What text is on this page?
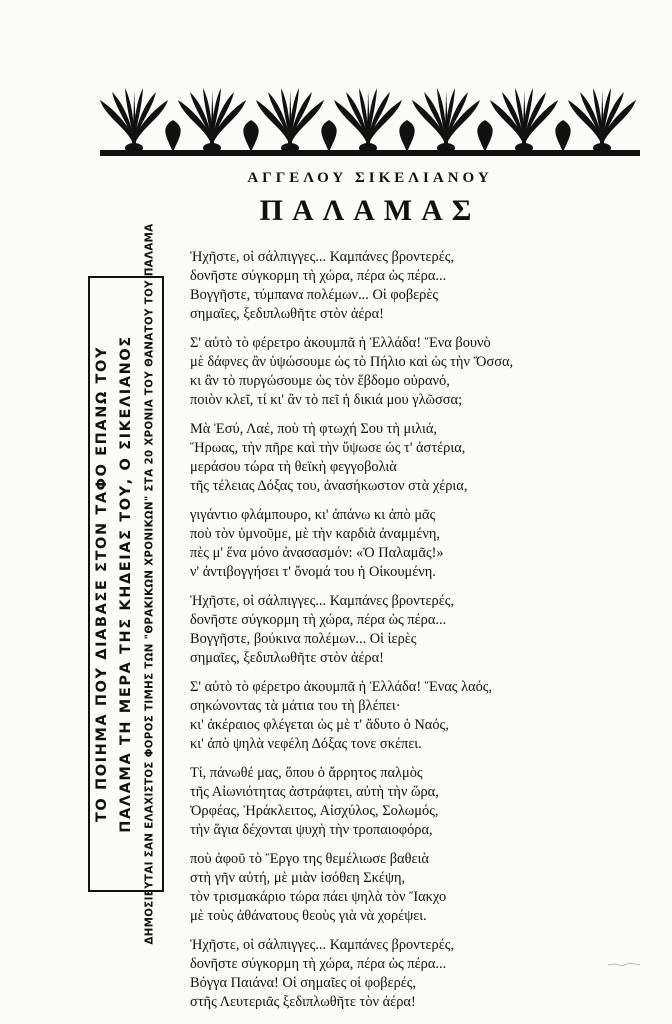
ΑΓΓΕΛΟΥ ΣΙΚΕΛΙΑΝΟΥ
ΠΑΛΑΜΑΣ
ΤΟ ΠΟΙΗΜΑ ΠΟΥ ΔΙΑΒΑΣΕ ΣΤΟΝ ΤΑΦΟ ΕΠΑΝΩ ΤΟΥ ΠΑΛΑΜΑ ΤΗ ΜΕΡΑ ΤΗΣ ΚΗΔΕΙΑΣ ΤΟΥ, Ο ΣΙΚΕΛΙΑΝΟΣ ΔΗΜΟΣΙΕΥΤΑΙ ΣΑΝ ΕΛΑΧΙΣΤΟΣ ΦΟΡΟΣ ΤΙΜΗΣ ΤΩΝ "ΘΡΑΚΙΚΩΝ ΧΡΟΝΙΚΩΝ" ΣΤΑ 20 ΧΡΟΝΙΑ ΤΟΥ ΘΑΝΑΤΟΥ ΤΟΥ ΠΑΛΑΜΑ Ἠχῆστε, οἱ σάλπιγγες... Καμπάνες βροντερές,
δονῆστε σύγκορμη τὴ χώρα, πέρα ὡς πέρα...
Βογγῆστε, τύμπανα πολέμων... Οἱ φοβερὲς
σημαῖες, ξεδιπλωθῆτε στὸν ἀέρα!
Σ' αὐτὸ τὸ φέρετρο ἀκουμπᾶ ἡ Ἑλλάδα! Ἕνα βουνὸ
μὲ δάφνες ἂν ὑψώσουμε ὡς τὸ Πήλιο καὶ ὡς τὴν Ὄσσα,
κι ἂν τὸ πυργώσουμε ὡς τὸν ἕβδομο οὐρανό,
ποιὸν κλεῖ, τί κι' ἂν τὸ πεῖ ἡ δικιά μου γλῶσσα;
Μὰ Ἐσύ, Λαέ, ποὺ τὴ φτωχή Σου τὴ μιλιά,
Ἥρωας, τὴν πῆρε καὶ τὴν ὕψωσε ὡς τ' ἀστέρια,
μεράσου τώρα τὴ θεϊκὴ φεγγοβολιὰ
τῆς τέλειας Δόξας του, ἀνασήκωστον στὰ χέρια,
γιγάντιο φλάμπουρο, κι' ἀπάνω κι ἀπὸ μᾶς
ποὺ τὸν ὑμνοῦμε, μὲ τὴν καρδιὰ ἀναμμένη,
πὲς μ' ἕνα μόνο ἀνασασμόν: «Ὁ Παλαμᾶς!»
ν' ἀντιβογγήσει τ' ὄνομά του ἡ Οἰκουμένη.
Ἠχῆστε, οἱ σάλπιγγες... Καμπάνες βροντερές,
δονῆστε σύγκορμη τὴ χώρα, πέρα ὡς πέρα...
Βογγῆστε, βούκινα πολέμων... Οἱ ἱερὲς
σημαῖες, ξεδιπλωθῆτε στὸν ἀέρα!
Σ' αὐτὸ τὸ φέρετρο ἀκουμπᾶ ἡ Ἑλλάδα! Ἕνας λαός,
σηκώνοντας τὰ μάτια του τὴ βλέπει·
κι' ἀκέραιος φλέγεται ὡς μὲ τ' ἄδυτο ὁ Ναός,
κι' ἀπὸ ψηλὰ νεφέλη Δόξας τονε σκέπει.
Τί, πάνωθέ μας, ὅπου ὁ ἄρρητος παλμὸς
τῆς Αἰωνιότητας ἀστράφτει, αὐτὴ τὴν ὥρα,
Ὀρφέας, Ἡράκλειτος, Αἰσχύλος, Σολωμός,
τὴν ἅγια δέχονται ψυχὴ τὴν τροπαιοφόρα,
ποὺ ἀφοῦ τὸ Ἔργο της θεμέλιωσε βαθειὰ
στὴ γῆν αὐτή, μὲ μιὰν ἰσόθεη Σκέψη,
τὸν τρισμακάριο τώρα πάει ψηλὰ τὸν Ἴακχο
μὲ τοὺς ἀθάνατους θεοὺς γιὰ νὰ χορέψει.
Ἠχῆστε, οἱ σάλπιγγες... Καμπάνες βροντερές,
δονῆστε σύγκορμη τὴ χώρα, πέρα ὡς πέρα...
Βόγγα Παιάνα! Οἱ σημαῖες οἱ φοβερές,
στῆς Λευτεριᾶς ξεδιπλωθῆτε τὸν ἀέρα!
